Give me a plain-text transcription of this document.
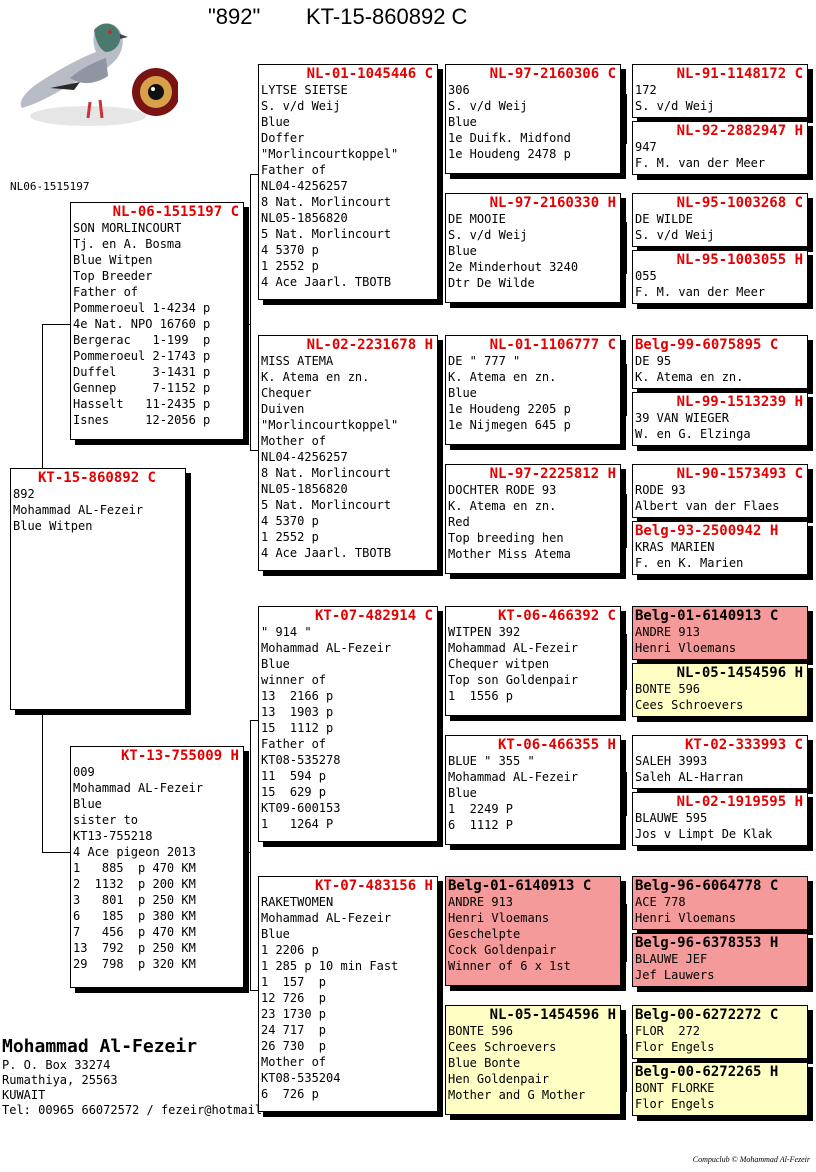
"892" KT-15-860892 C
NL06-1515197
KT-15-860892 C
892
Mohammad AL-Fezeir
Blue Witpen
NL-06-1515197 C
SON MORLINCOURT
Tj. en A. Bosma
Blue Witpen
Top Breeder
Father of
Pommeroeul 1-4234 p
4e Nat. NPO 16760 p
Bergerac   1-199  p
Pommeroeul 2-1743 p
Duffel     3-1431 p
Gennep     7-1152 p
Hasselt   11-2435 p
Isnes     12-2056 p
KT-13-755009 H
009
Mohammad AL-Fezeir
Blue
sister to
KT13-755218
4 Ace pigeon 2013
1   885  p 470 KM
2  1132  p 200 KM
3   801  p 250 KM
6   185  p 380 KM
7   456  p 470 KM
13  792  p 250 KM
29  798  p 320 KM
NL-01-1045446 C
LYTSE SIETSE
S. v/d Weij
Blue
Doffer
"Morlincourtkoppel"
Father of
NL04-4256257
8 Nat. Morlincourt
NL05-1856820
5 Nat. Morlincourt
4 5370 p
1 2552 p
4 Ace Jaarl. TBOTB
NL-02-2231678 H
MISS ATEMA
K. Atema en zn.
Chequer
Duiven
"Morlincourtkoppel"
Mother of
NL04-4256257
8 Nat. Morlincourt
NL05-1856820
5 Nat. Morlincourt
4 5370 p
1 2552 p
4 Ace Jaarl. TBOTB
KT-07-482914 C
" 914 "
Mohammad AL-Fezeir
Blue
winner of
13  2166 p
13  1903 p
15  1112 p
Father of
KT08-535278
11  594 p
15  629 p
KT09-600153
1   1264 P
KT-07-483156 H
RAKETWOMEN
Mohammad AL-Fezeir
Blue
1 2206 p
1 285 p 10 min Fast
1  157  p
12 726  p
23 1730 p
24 717  p
26 730  p
Mother of
KT08-535204
6  726 p
NL-97-2160306 C
306
S. v/d Weij
Blue
1e Duifk. Midfond
1e Houdeng 2478 p
NL-97-2160330 H
DE MOOIE
S. v/d Weij
Blue
2e Minderhout 3240
Dtr De Wilde
NL-01-1106777 C
DE " 777 "
K. Atema en zn.
Blue
1e Houdeng 2205 p
1e Nijmegen 645 p
NL-97-2225812 H
DOCHTER RODE 93
K. Atema en zn.
Red
Top breeding hen
Mother Miss Atema
KT-06-466392 C
WITPEN 392
Mohammad AL-Fezeir
Chequer witpen
Top son Goldenpair
1  1556 p
KT-06-466355 H
BLUE " 355 "
Mohammad AL-Fezeir
Blue
1  2249 P
6  1112 P
Belg-01-6140913 C
ANDRE 913
Henri Vloemans
Geschelpte
Cock Goldenpair
Winner of 6 x 1st
NL-05-1454596 H
BONTE 596
Cees Schroevers
Blue Bonte
Hen Goldenpair
Mother and G Mother
NL-91-1148172 C
172
S. v/d Weij
NL-92-2882947 H
947
F. M. van der Meer
NL-95-1003268 C
DE WILDE
S. v/d Weij
NL-95-1003055 H
055
F. M. van der Meer
Belg-99-6075895 C
DE 95
K. Atema en zn.
NL-99-1513239 H
39 VAN WIEGER
W. en G. Elzinga
NL-90-1573493 C
RODE 93
Albert van der Flaes
Belg-93-2500942 H
KRAS MARIEN
F. en K. Marien
Belg-01-6140913 C
ANDRE 913
Henri Vloemans
NL-05-1454596 H
BONTE 596
Cees Schroevers
KT-02-333993 C
SALEH 3993
Saleh AL-Harran
NL-02-1919595 H
BLAUWE 595
Jos v Limpt De Klak
Belg-96-6064778 C
ACE 778
Henri Vloemans
Belg-96-6378353 H
BLAUWE JEF
Jef Lauwers
Belg-00-6272272 C
FLOR  272
Flor Engels
Belg-00-6272265 H
BONT FLORKE
Flor Engels
Mohammad Al-Fezeir
P. O. Box 33274
Rumathiya, 25563
KUWAIT
Tel: 00965 66072572 / fezeir@hotmail.
Compuclub © Mohammad Al-Fezeir
